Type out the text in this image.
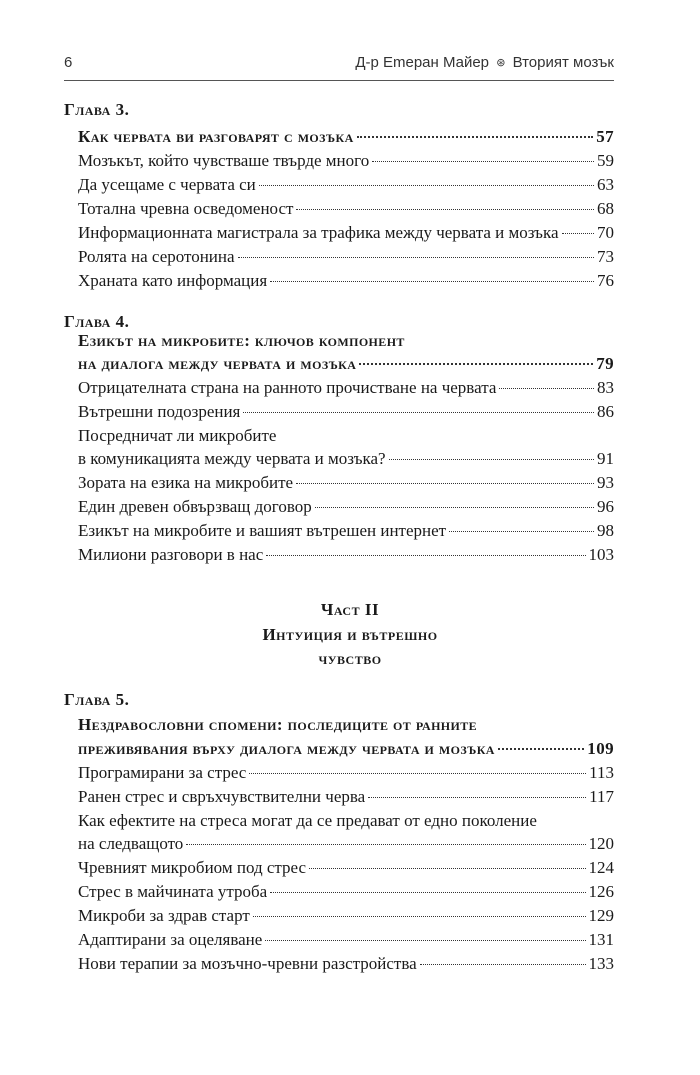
6	Д-р Еmеран Майер ⊛ Вторият мозък
Глава 3.
Как червата ви разговарят с мозъка	57
Мозъкът, който чувстваше твърде много	59
Да усещаме с червата си	63
Тотална чревна осведоменост	68
Информационната магистрала за трафика между червата и мозъка 70
Ролята на серотонина	73
Храната като информация	76
Глава 4.
Езикът на микробите: ключов компонент
на диалога между червата и мозъка	79
Отрицателната страна на ранното прочистване на червата	83
Вътрешни подозрения	86
Посредничат ли микробите
в комуникацията между червата и мозъка?	91
Зората на езика на микробите	93
Един древен обвързващ договор	96
Езикът на микробите и вашият вътрешен интернет	98
Милиони разговори в нас	103
Част II
Интуиция и вътрешно
чувство
Глава 5.
Нездравословни спомени: последиците от ранните
преживявания върху диалога между червата и мозъка	109
Програмирани за стрес	113
Ранен стрес и свръхчувствителни черва	117
Как ефектите на стреса могат да се предават от едно поколение
на следващото	120
Чревният микробиом под стрес	124
Стрес в майчината утроба	126
Микроби за здрав старт	129
Адаптирани за оцеляване	131
Нови терапии за мозъчно-чревни разстройства	133
